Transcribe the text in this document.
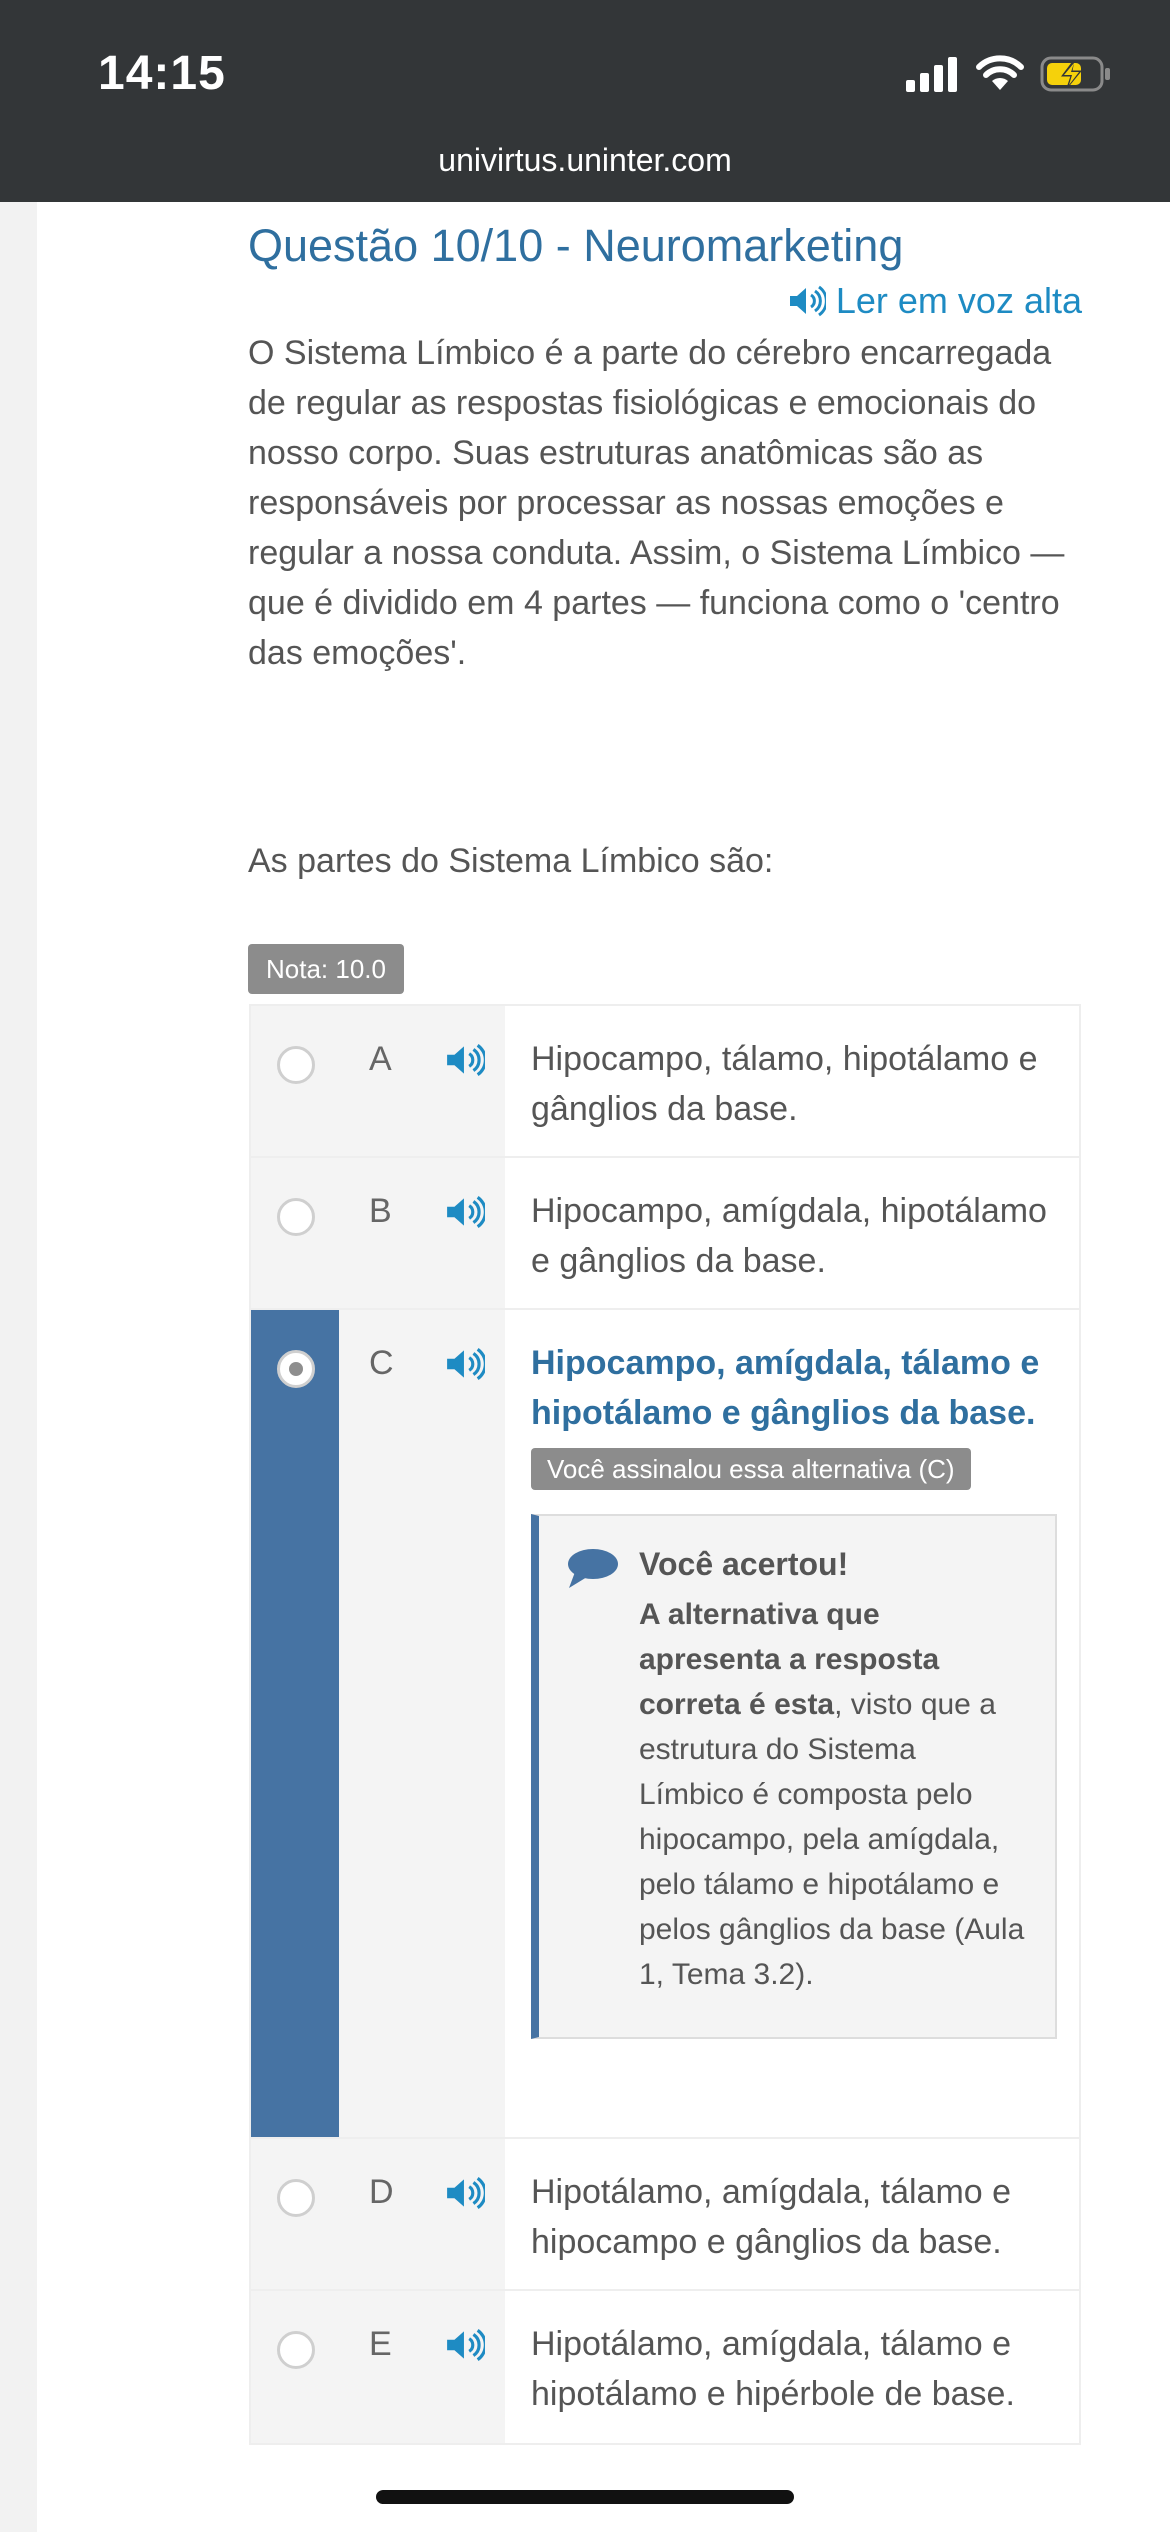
14:15
univirtus.uninter.com
Questão 10/10 - Neuromarketing
Ler em voz alta
O Sistema Límbico é a parte do cérebro encarregada de regular as respostas fisiológicas e emocionais do nosso corpo. Suas estruturas anatômicas são as responsáveis por processar as nossas emoções e regular a nossa conduta. Assim, o Sistema Límbico — que é dividido em 4 partes — funciona como o 'centro das emoções'.
As partes do Sistema Límbico são:
Nota: 10.0
A	Hipocampo, tálamo, hipotálamo e gânglios da base.
B	Hipocampo, amígdala, hipotálamo e gânglios da base.
C	Hipocampo, amígdala, tálamo e hipotálamo e gânglios da base.
Você assinalou essa alternativa (C)
Você acertou!
A alternativa que apresenta a resposta correta é esta, visto que a estrutura do Sistema Límbico é composta pelo hipocampo, pela amígdala, pelo tálamo e hipotálamo e pelos gânglios da base (Aula 1, Tema 3.2).
D	Hipotálamo, amígdala, tálamo e hipocampo e gânglios da base.
E	Hipotálamo, amígdala, tálamo e hipotálamo e hipérbole de base.
